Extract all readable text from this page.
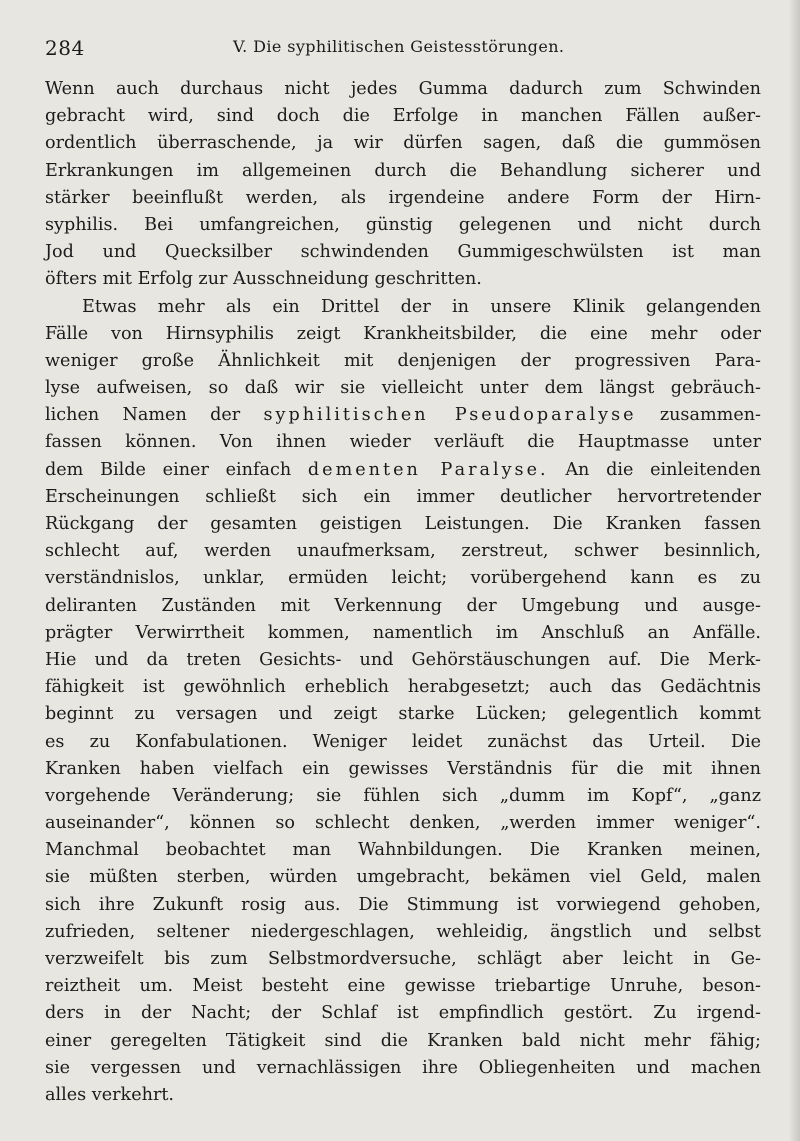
284	V. Die syphilitischen Geistesstörungen.
Wenn auch durchaus nicht jedes Gumma dadurch zum Schwinden
gebracht wird, sind doch die Erfolge in manchen Fällen außer-
ordentlich überraschende, ja wir dürfen sagen, daß die gummösen
Erkrankungen im allgemeinen durch die Behandlung sicherer und
stärker beeinflußt werden, als irgendeine andere Form der Hirn-
syphilis. Bei umfangreichen, günstig gelegenen und nicht durch
Jod und Quecksilber schwindenden Gummigeschwülsten ist man
öfters mit Erfolg zur Ausschneidung geschritten.
Etwas mehr als ein Drittel der in unsere Klinik gelangenden
Fälle von Hirnsyphilis zeigt Krankheitsbilder, die eine mehr oder
weniger große Ähnlichkeit mit denjenigen der progressiven Para-
lyse aufweisen, so daß wir sie vielleicht unter dem längst gebräuch-
lichen Namen der syphilitischen Pseudoparalyse zusammen-
fassen können. Von ihnen wieder verläuft die Hauptmasse unter
dem Bilde einer einfach dementen Paralyse. An die einleitenden
Erscheinungen schließt sich ein immer deutlicher hervortretender
Rückgang der gesamten geistigen Leistungen. Die Kranken fassen
schlecht auf, werden unaufmerksam, zerstreut, schwer besinnlich,
verständnislos, unklar, ermüden leicht; vorübergehend kann es zu
deliranten Zuständen mit Verkennung der Umgebung und ausge-
prägter Verwirrtheit kommen, namentlich im Anschluß an Anfälle.
Hie und da treten Gesichts- und Gehörstäuschungen auf. Die Merk-
fähigkeit ist gewöhnlich erheblich herabgesetzt; auch das Gedächtnis
beginnt zu versagen und zeigt starke Lücken; gelegentlich kommt
es zu Konfabulationen. Weniger leidet zunächst das Urteil. Die
Kranken haben vielfach ein gewisses Verständnis für die mit ihnen
vorgehende Veränderung; sie fühlen sich „dumm im Kopf“, „ganz
auseinander“, können so schlecht denken, „werden immer weniger“.
Manchmal beobachtet man Wahnbildungen. Die Kranken meinen,
sie müßten sterben, würden umgebracht, bekämen viel Geld, malen
sich ihre Zukunft rosig aus. Die Stimmung ist vorwiegend gehoben,
zufrieden, seltener niedergeschlagen, wehleidig, ängstlich und selbst
verzweifelt bis zum Selbstmordversuche, schlägt aber leicht in Ge-
reiztheit um. Meist besteht eine gewisse triebartige Unruhe, beson-
ders in der Nacht; der Schlaf ist empfindlich gestört. Zu irgend-
einer geregelten Tätigkeit sind die Kranken bald nicht mehr fähig;
sie vergessen und vernachlässigen ihre Obliegenheiten und machen
alles verkehrt.
